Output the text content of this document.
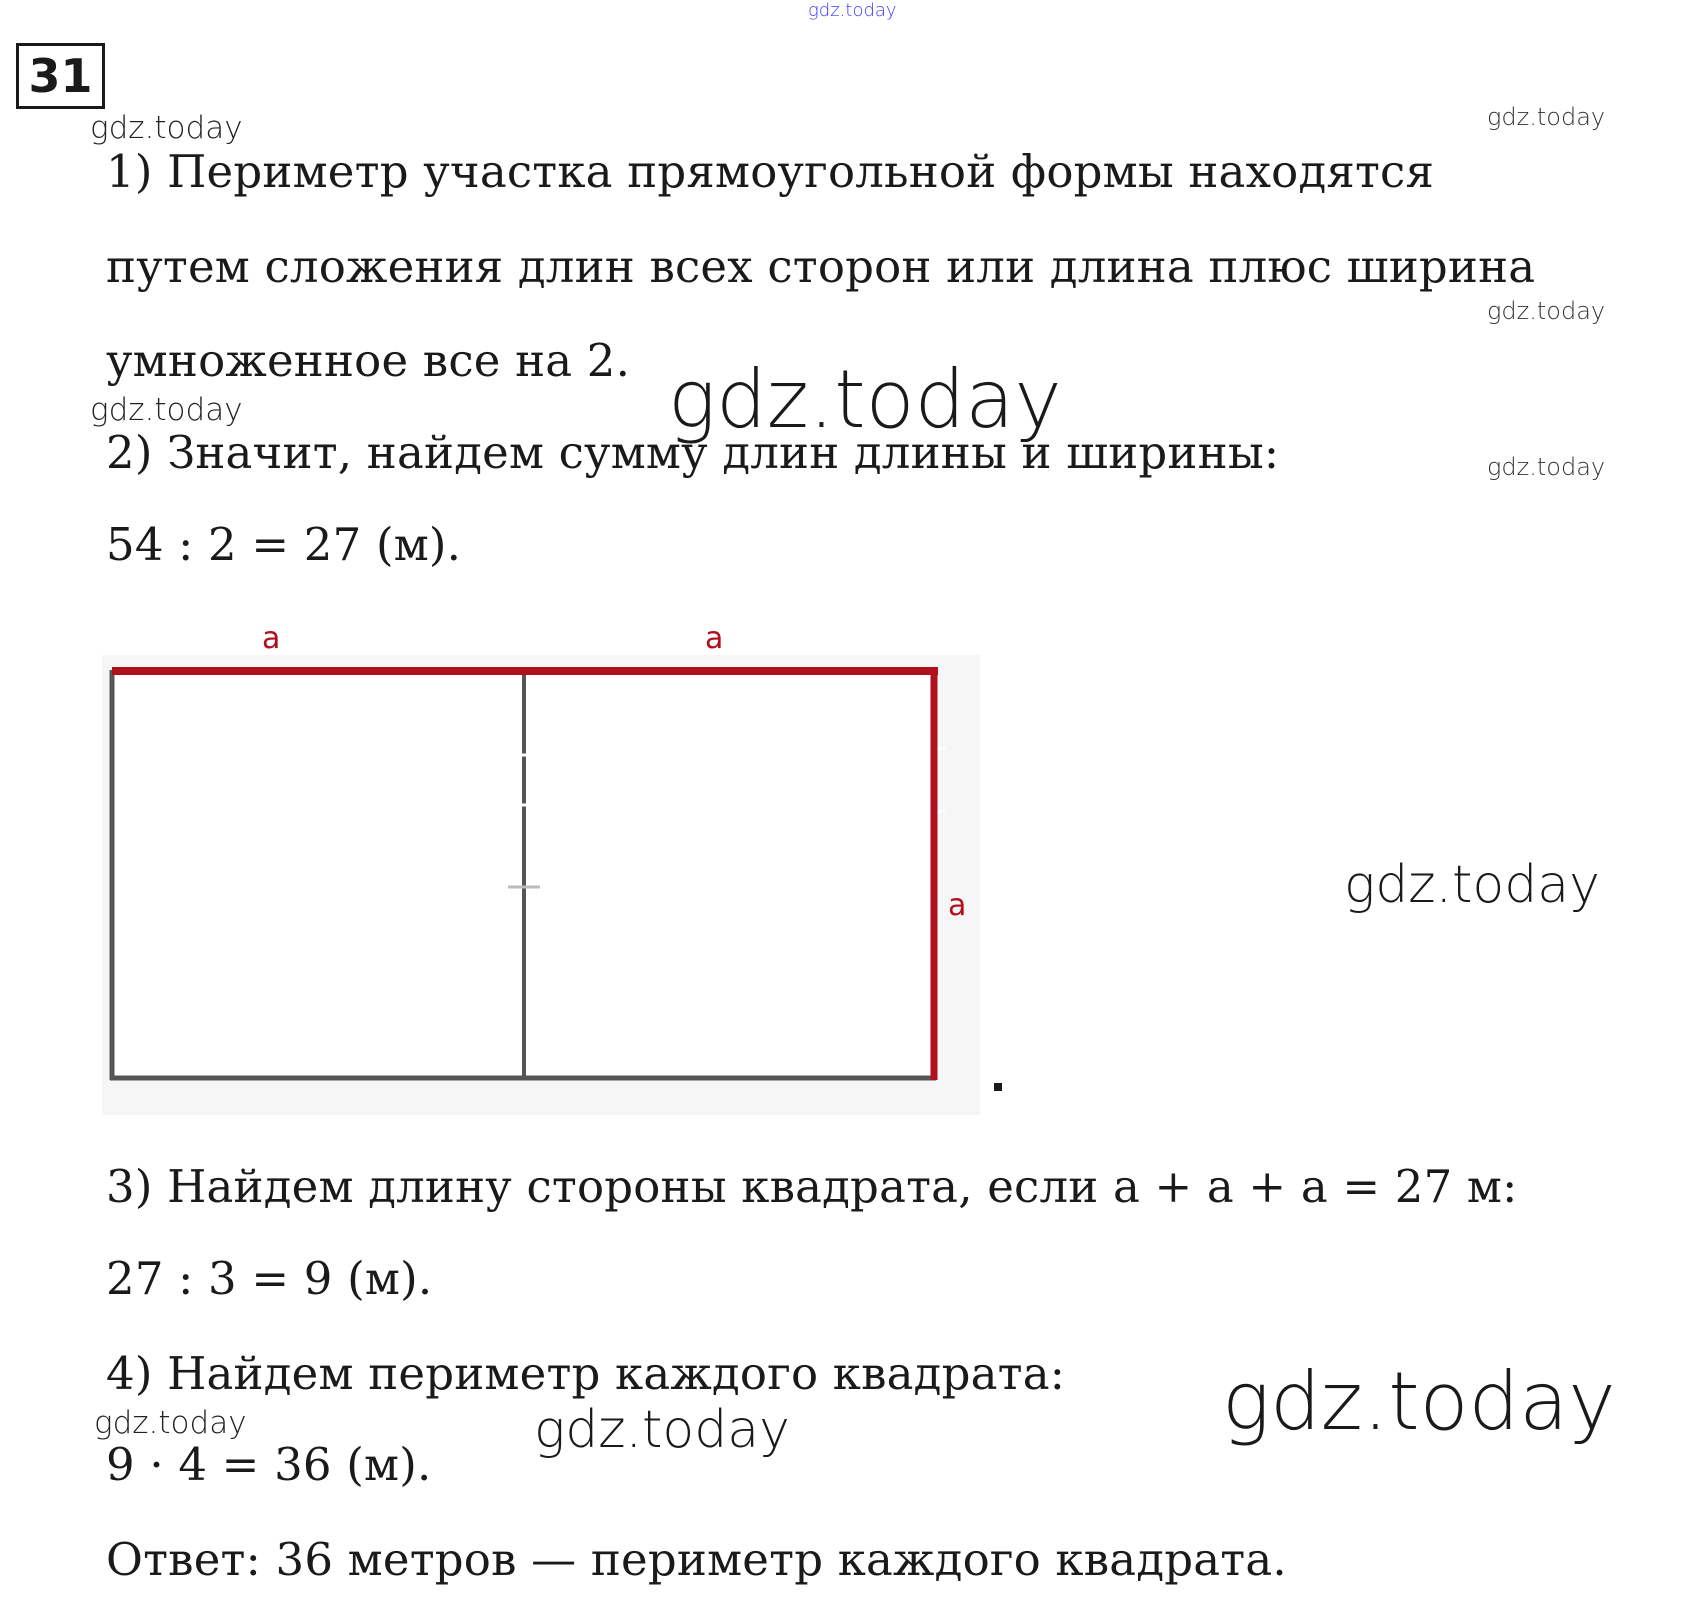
gdz.today
gdz.today	gdz.today
gdz.today
gdz.today	gdz.today
gdz.today
gdz.today
gdz.today	gdz.today	gdz.today
31
1) Периметр участка прямоугольной формы находятся
путем сложения длин всех сторон или длина плюс ширина
умноженное все на 2.
2) Значит, найдем сумму длин длины и ширины:
54 : 2 = 27 (м).
3) Найдем длину стороны квадрата, если a + a + a = 27 м:
27 : 3 = 9 (м).
4) Найдем периметр каждого квадрата:
9 · 4 = 36 (м).
Ответ: 36 метров — периметр каждого квадрата.
a	a
a
